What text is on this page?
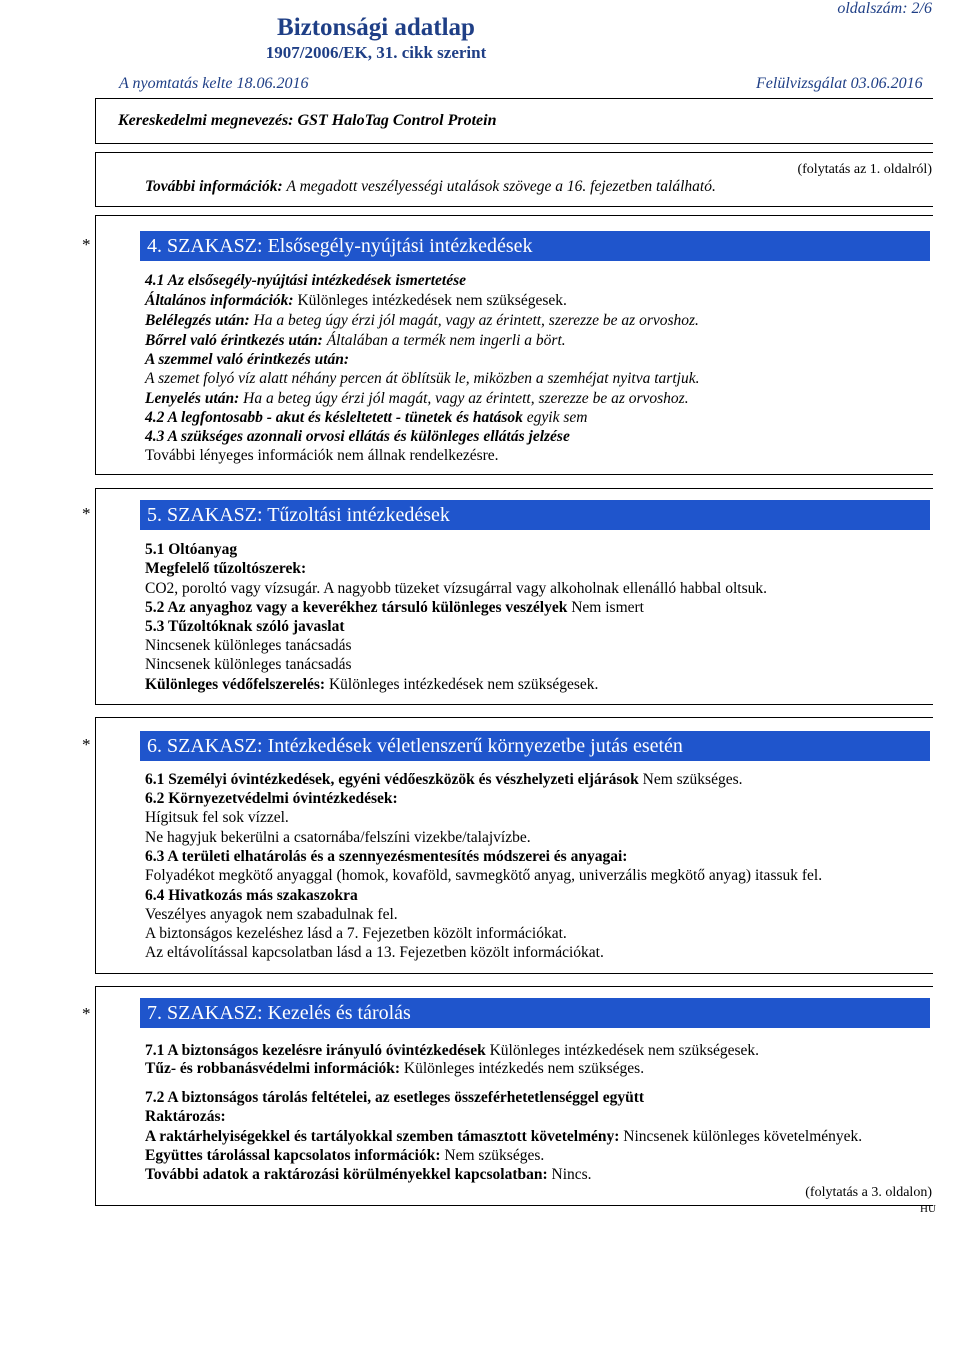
oldalszám: 2/6
Biztonsági adatlap
1907/2006/EK, 31. cikk szerint
A nyomtatás kelte 18.06.2016	Felülvizsgálat 03.06.2016
Kereskedelmi megnevezés: GST HaloTag Control Protein
(folytatás az 1. oldalról)
További információk: A megadott veszélyességi utalások szövege a 16. fejezetben található.
*	4. SZAKASZ: Elsősegély-nyújtási intézkedések
4.1 Az elsősegély-nyújtási intézkedések ismertetése
Általános információk: Különleges intézkedések nem szükségesek.
Belélegzés után: Ha a beteg úgy érzi jól magát, vagy az érintett, szerezze be az orvoshoz.
Bőrrel való érintkezés után: Általában a termék nem ingerli a bört.
A szemmel való érintkezés után:
A szemet folyó víz alatt néhány percen át öblítsük le, miközben a szemhéjat nyitva tartjuk.
Lenyelés után: Ha a beteg úgy érzi jól magát, vagy az érintett, szerezze be az orvoshoz.
4.2 A legfontosabb - akut és késleltetett - tünetek és hatások egyik sem
4.3 A szükséges azonnali orvosi ellátás és különleges ellátás jelzése
További lényeges információk nem állnak rendelkezésre.
*	5. SZAKASZ: Tűzoltási intézkedések
5.1 Oltóanyag
Megfelelő tűzoltószerek:
CO2, poroltó vagy vízsugár. A nagyobb tüzeket vízsugárral vagy alkoholnak ellenálló habbal oltsuk.
5.2 Az anyaghoz vagy a keverékhez társuló különleges veszélyek Nem ismert
5.3 Tűzoltóknak szóló javaslat
Nincsenek különleges tanácsadás
Nincsenek különleges tanácsadás
Különleges védőfelszerelés: Különleges intézkedések nem szükségesek.
*	6. SZAKASZ: Intézkedések véletlenszerű környezetbe jutás esetén
6.1 Személyi óvintézkedések, egyéni védőeszközök és vészhelyzeti eljárások Nem szükséges.
6.2 Környezetvédelmi óvintézkedések:
Hígitsuk fel sok vízzel.
Ne hagyjuk bekerülni a csatornába/felszíni vizekbe/talajvízbe.
6.3 A területi elhatárolás és a szennyezésmentesítés módszerei és anyagai:
Folyadékot megkötő anyaggal (homok, kovaföld, savmegkötő anyag, univerzális megkötő anyag) itassuk fel.
6.4 Hivatkozás más szakaszokra
Veszélyes anyagok nem szabadulnak fel.
A biztonságos kezeléshez lásd a 7. Fejezetben közölt információkat.
Az eltávolítással kapcsolatban lásd a 13. Fejezetben közölt információkat.
*	7. SZAKASZ: Kezelés és tárolás
7.1 A biztonságos kezelésre irányuló óvintézkedések Különleges intézkedések nem szükségesek.
Tűz- és robbanásvédelmi információk: Különleges intézkedés nem szükséges.
7.2 A biztonságos tárolás feltételei, az esetleges összeférhetetlenséggel együtt
Raktározás:
A raktárhelyiségekkel és tartályokkal szemben támasztott követelmény: Nincsenek különleges követelmények.
Együttes tárolással kapcsolatos információk: Nem szükséges.
További adatok a raktározási körülményekkel kapcsolatban: Nincs.
(folytatás a 3. oldalon)
HU
